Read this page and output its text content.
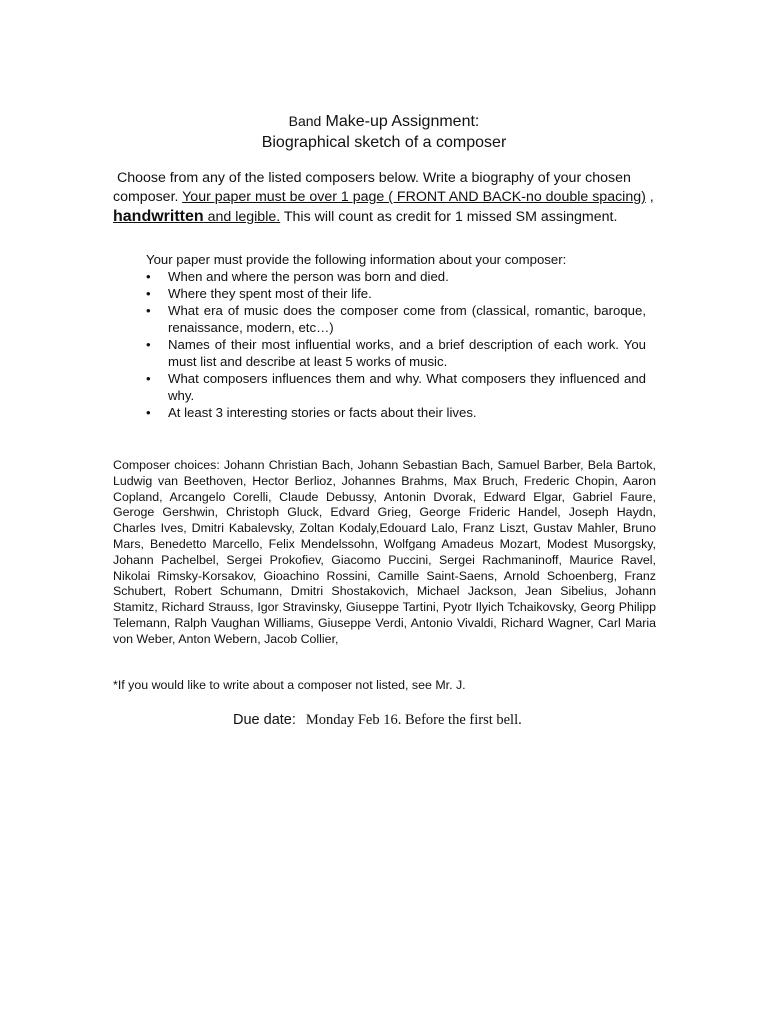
Band Make-up Assignment:
Biographical sketch of a composer
Choose from any of the listed composers below. Write a biography of your chosen composer. Your paper must be over 1 page ( FRONT AND BACK-no double spacing) , handwritten and legible. This will count as credit for 1 missed SM assingment.
Your paper must provide the following information about your composer:
• When and where the person was born and died.
• Where they spent most of their life.
• What era of music does the composer come from (classical, romantic, baroque, renaissance, modern, etc…)
• Names of their most influential works, and a brief description of each work. You must list and describe at least 5 works of music.
• What composers influences them and why. What composers they influenced and why.
• At least 3 interesting stories or facts about their lives.
Composer choices: Johann Christian Bach, Johann Sebastian Bach, Samuel Barber, Bela Bartok, Ludwig van Beethoven, Hector Berlioz, Johannes Brahms, Max Bruch, Frederic Chopin, Aaron Copland, Arcangelo Corelli, Claude Debussy, Antonin Dvorak, Edward Elgar, Gabriel Faure, Geroge Gershwin, Christoph Gluck, Edvard Grieg, George Frideric Handel, Joseph Haydn, Charles Ives, Dmitri Kabalevsky, Zoltan Kodaly,Edouard Lalo, Franz Liszt, Gustav Mahler, Bruno Mars, Benedetto Marcello, Felix Mendelssohn, Wolfgang Amadeus Mozart, Modest Musorgsky, Johann Pachelbel, Sergei Prokofiev, Giacomo Puccini, Sergei Rachmaninoff, Maurice Ravel, Nikolai Rimsky-Korsakov, Gioachino Rossini, Camille Saint-Saens, Arnold Schoenberg, Franz Schubert, Robert Schumann, Dmitri Shostakovich, Michael Jackson, Jean Sibelius, Johann Stamitz, Richard Strauss, Igor Stravinsky, Giuseppe Tartini, Pyotr Ilyich Tchaikovsky, Georg Philipp Telemann, Ralph Vaughan Williams, Giuseppe Verdi, Antonio Vivaldi, Richard Wagner, Carl Maria von Weber, Anton Webern, Jacob Collier,
*If you would like to write about a composer not listed, see Mr. J.
Due date: Monday Feb 16. Before the first bell.
